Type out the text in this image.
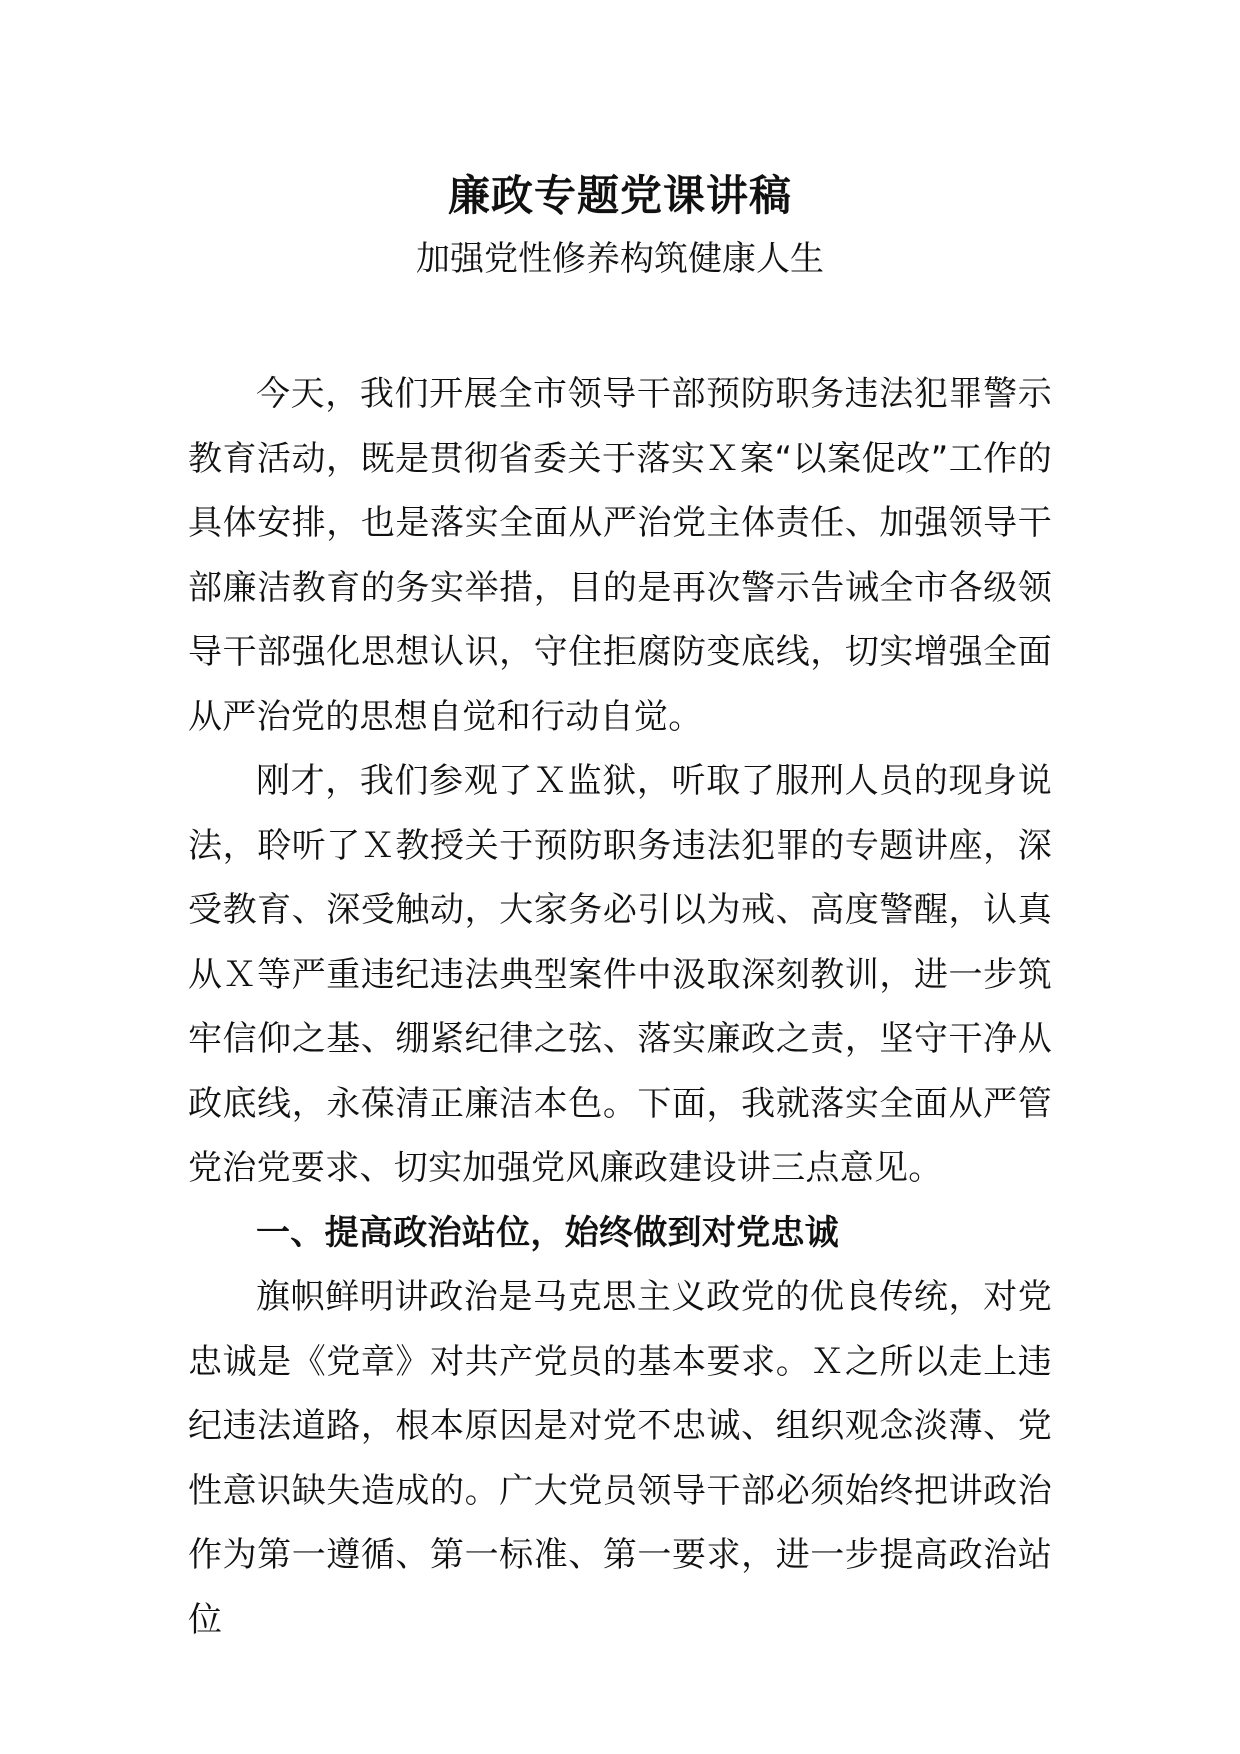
廉政专题党课讲稿
加强党性修养构筑健康人生

今天，我们开展全市领导干部预防职务违法犯罪警示教育活动，既是贯彻省委关于落实Ｘ案“以案促改”工作的具体安排，也是落实全面从严治党主体责任、加强领导干部廉洁教育的务实举措，目的是再次警示告诫全市各级领导干部强化思想认识，守住拒腐防变底线，切实增强全面从严治党的思想自觉和行动自觉。

刚才，我们参观了Ｘ监狱，听取了服刑人员的现身说法，聆听了Ｘ教授关于预防职务违法犯罪的专题讲座，深受教育、深受触动，大家务必引以为戒、高度警醒，认真从Ｘ等严重违纪违法典型案件中汲取深刻教训，进一步筑牢信仰之基、绷紧纪律之弦、落实廉政之责，坚守干净从政底线，永葆清正廉洁本色。下面，我就落实全面从严管党治党要求、切实加强党风廉政建设讲三点意见。

一、提高政治站位，始终做到对党忠诚

旗帜鲜明讲政治是马克思主义政党的优良传统，对党忠诚是《党章》对共产党员的基本要求。Ｘ之所以走上违纪违法道路，根本原因是对党不忠诚、组织观念淡薄、党性意识缺失造成的。广大党员领导干部必须始终把讲政治作为第一遵循、第一标准、第一要求，进一步提高政治站位
